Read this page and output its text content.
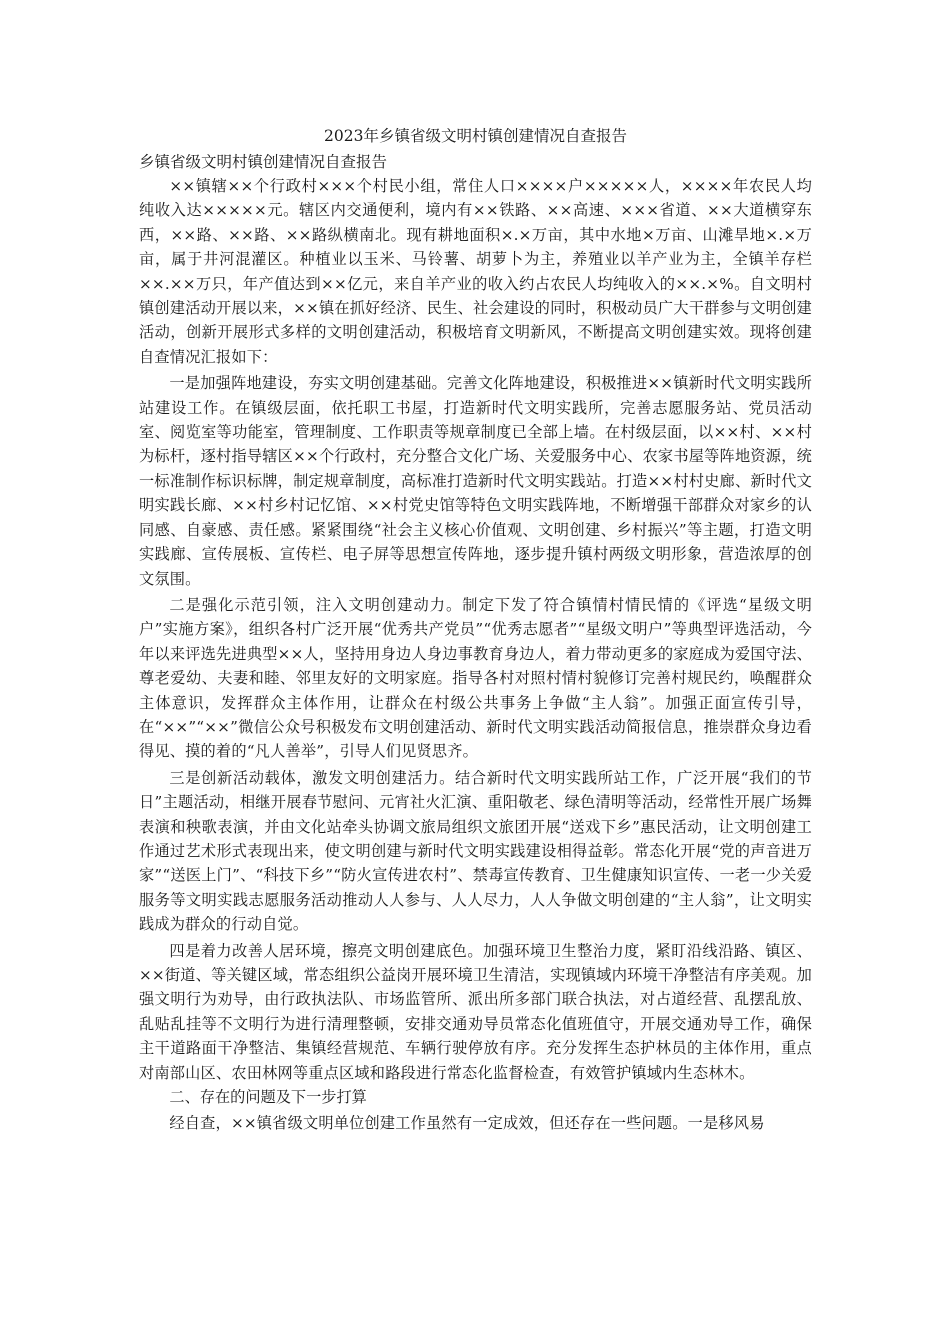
2023年乡镇省级文明村镇创建情况自查报告
乡镇省级文明村镇创建情况自查报告

××镇辖××个行政村×××个村民小组，常住人口××××户×××××人，××××年农民人均纯收入达×××××元。辖区内交通便利，境内有××铁路、××高速、×××省道、××大道横穿东西，××路、××路、××路纵横南北。现有耕地面积×.×万亩，其中水地×万亩、山滩旱地×.×万亩，属于井河混灌区。种植业以玉米、马铃薯、胡萝卜为主，养殖业以羊产业为主，全镇羊存栏××.××万只，年产值达到××亿元，来自羊产业的收入约占农民人均纯收入的××.×%。自文明村镇创建活动开展以来，××镇在抓好经济、民生、社会建设的同时，积极动员广大干群参与文明创建活动，创新开展形式多样的文明创建活动，积极培育文明新风，不断提高文明创建实效。现将创建自查情况汇报如下：

一是加强阵地建设，夯实文明创建基础。完善文化阵地建设，积极推进××镇新时代文明实践所站建设工作。在镇级层面，依托职工书屋，打造新时代文明实践所，完善志愿服务站、党员活动室、阅览室等功能室，管理制度、工作职责等规章制度已全部上墙。在村级层面，以××村、××村为标杆，逐村指导辖区××个行政村，充分整合文化广场、关爱服务中心、农家书屋等阵地资源，统一标准制作标识标牌，制定规章制度，高标准打造新时代文明实践站。打造××村村史廊、新时代文明实践长廊、××村乡村记忆馆、××村党史馆等特色文明实践阵地，不断增强干部群众对家乡的认同感、自豪感、责任感。紧紧围绕“社会主义核心价值观、文明创建、乡村振兴”等主题，打造文明实践廊、宣传展板、宣传栏、电子屏等思想宣传阵地，逐步提升镇村两级文明形象，营造浓厚的创文氛围。

二是强化示范引领，注入文明创建动力。制定下发了符合镇情村情民情的《评选“星级文明户”实施方案》，组织各村广泛开展“优秀共产党员”“优秀志愿者”“星级文明户”等典型评选活动，今年以来评选先进典型××人，坚持用身边人身边事教育身边人，着力带动更多的家庭成为爱国守法、尊老爱幼、夫妻和睦、邻里友好的文明家庭。指导各村对照村情村貌修订完善村规民约，唤醒群众主体意识，发挥群众主体作用，让群众在村级公共事务上争做“主人翁”。加强正面宣传引导，在“××”“××”微信公众号积极发布文明创建活动、新时代文明实践活动简报信息，推崇群众身边看得见、摸的着的“凡人善举”，引导人们见贤思齐。

三是创新活动载体，激发文明创建活力。结合新时代文明实践所站工作，广泛开展“我们的节日”主题活动，相继开展春节慰问、元宵社火汇演、重阳敬老、绿色清明等活动，经常性开展广场舞表演和秧歌表演，并由文化站牵头协调文旅局组织文旅团开展“送戏下乡”惠民活动，让文明创建工作通过艺术形式表现出来，使文明创建与新时代文明实践建设相得益彰。常态化开展“党的声音进万家”“送医上门”、“科技下乡”“防火宣传进农村”、禁毒宣传教育、卫生健康知识宣传、一老一少关爱服务等文明实践志愿服务活动推动人人参与、人人尽力，人人争做文明创建的“主人翁”，让文明实践成为群众的行动自觉。

四是着力改善人居环境，擦亮文明创建底色。加强环境卫生整治力度，紧盯沿线沿路、镇区、××街道、等关键区域，常态组织公益岗开展环境卫生清洁，实现镇域内环境干净整洁有序美观。加强文明行为劝导，由行政执法队、市场监管所、派出所多部门联合执法，对占道经营、乱摆乱放、乱贴乱挂等不文明行为进行清理整顿，安排交通劝导员常态化值班值守，开展交通劝导工作，确保主干道路面干净整洁、集镇经营规范、车辆行驶停放有序。充分发挥生态护林员的主体作用，重点对南部山区、农田林网等重点区域和路段进行常态化监督检查，有效管护镇域内生态林木。

二、存在的问题及下一步打算

经自查，××镇省级文明单位创建工作虽然有一定成效，但还存在一些问题。一是移风易
